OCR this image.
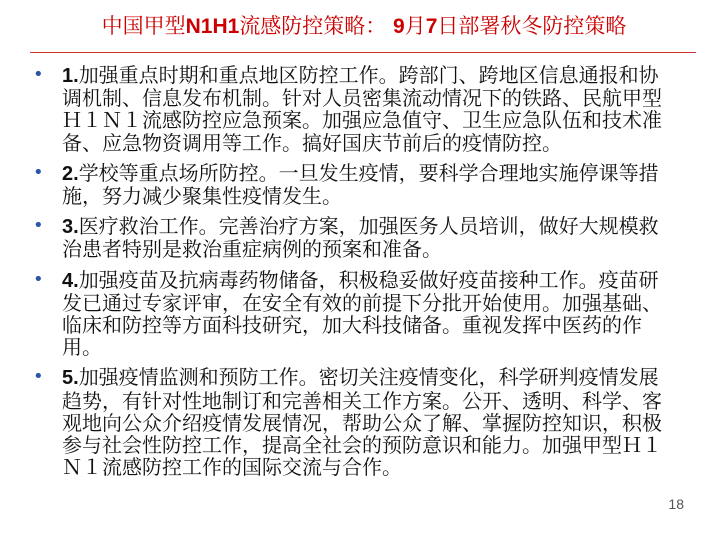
中国甲型N1H1流感防控策略： 9月7日部署秋冬防控策略
• 1.加强重点时期和重点地区防控工作。跨部门、跨地区信息通报和协调机制、信息发布机制。针对人员密集流动情况下的铁路、民航甲型Ｈ１Ｎ１流感防控应急预案。加强应急值守、卫生应急队伍和技术准备、应急物资调用等工作。搞好国庆节前后的疫情防控。
• 2.学校等重点场所防控。一旦发生疫情，要科学合理地实施停课等措施，努力减少聚集性疫情发生。
• 3.医疗救治工作。完善治疗方案，加强医务人员培训，做好大规模救治患者特别是救治重症病例的预案和准备。
• 4.加强疫苗及抗病毒药物储备，积极稳妥做好疫苗接种工作。疫苗研发已通过专家评审，在安全有效的前提下分批开始使用。加强基础、临床和防控等方面科技研究，加大科技储备。重视发挥中医药的作用。
• 5.加强疫情监测和预防工作。密切关注疫情变化，科学研判疫情发展趋势，有针对性地制订和完善相关工作方案。公开、透明、科学、客观地向公众介绍疫情发展情况，帮助公众了解、掌握防控知识，积极参与社会性防控工作，提高全社会的预防意识和能力。加强甲型Ｈ１Ｎ１流感防控工作的国际交流与合作。
18
